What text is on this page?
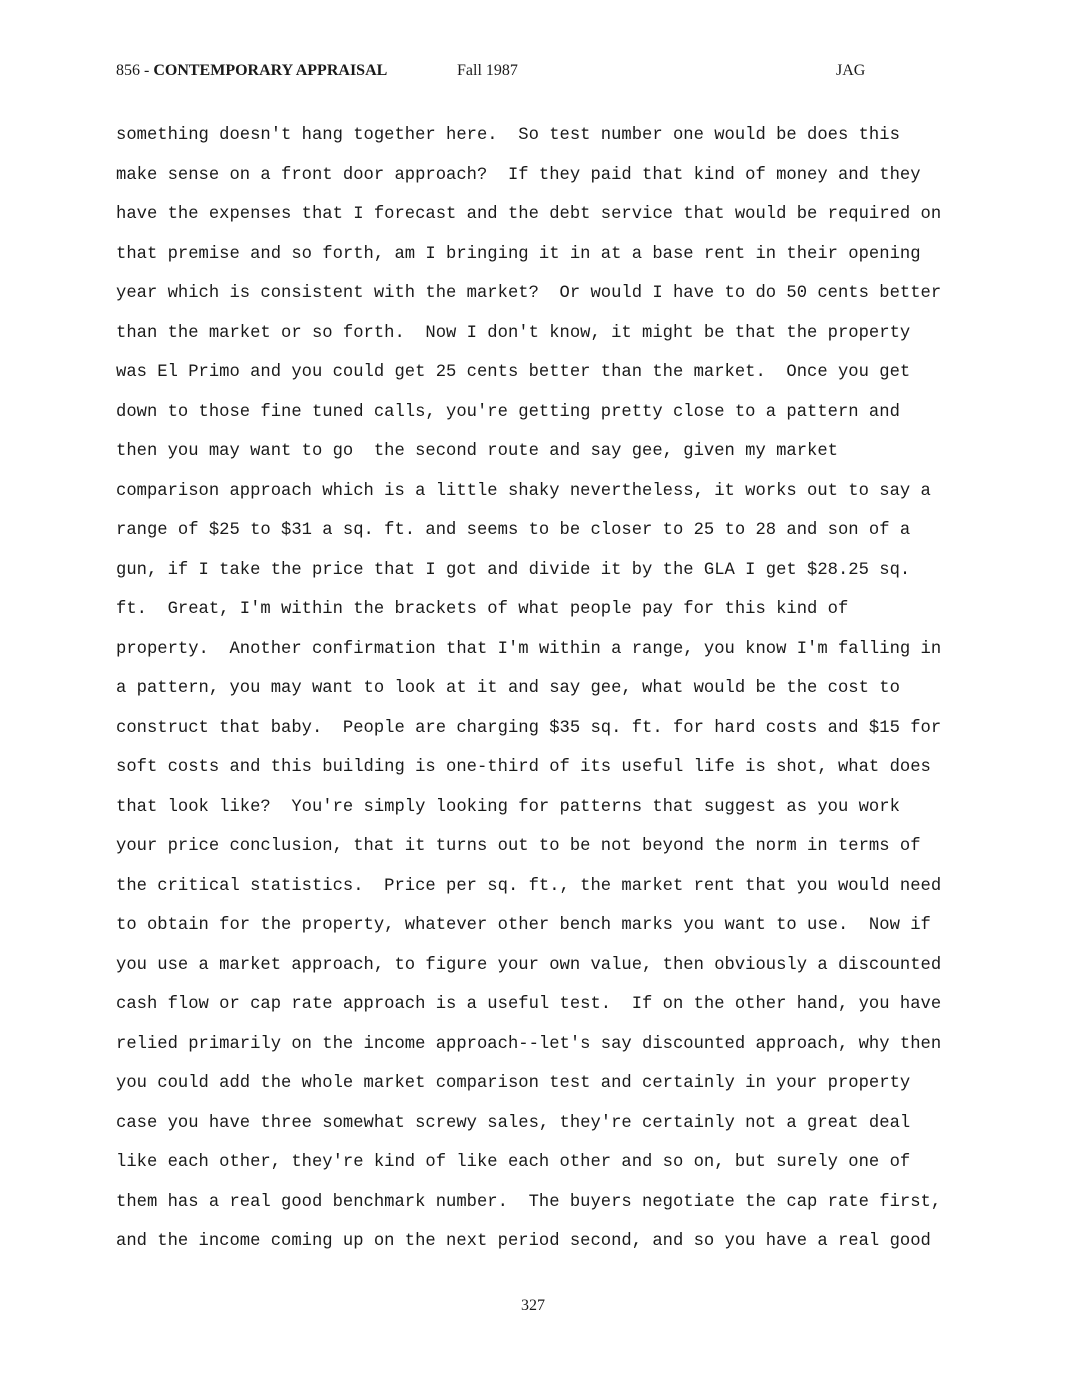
856 - CONTEMPORARY APPRAISAL	Fall 1987	JAG
something doesn't hang together here.  So test number one would be does this
make sense on a front door approach?  If they paid that kind of money and they
have the expenses that I forecast and the debt service that would be required on
that premise and so forth, am I bringing it in at a base rent in their opening
year which is consistent with the market?  Or would I have to do 50 cents better
than the market or so forth.  Now I don't know, it might be that the property
was El Primo and you could get 25 cents better than the market.  Once you get
down to those fine tuned calls, you're getting pretty close to a pattern and
then you may want to go  the second route and say gee, given my market
comparison approach which is a little shaky nevertheless, it works out to say a
range of $25 to $31 a sq. ft. and seems to be closer to 25 to 28 and son of a
gun, if I take the price that I got and divide it by the GLA I get $28.25 sq.
ft.  Great, I'm within the brackets of what people pay for this kind of
property.  Another confirmation that I'm within a range, you know I'm falling in
a pattern, you may want to look at it and say gee, what would be the cost to
construct that baby.  People are charging $35 sq. ft. for hard costs and $15 for
soft costs and this building is one-third of its useful life is shot, what does
that look like?  You're simply looking for patterns that suggest as you work
your price conclusion, that it turns out to be not beyond the norm in terms of
the critical statistics.  Price per sq. ft., the market rent that you would need
to obtain for the property, whatever other bench marks you want to use.  Now if
you use a market approach, to figure your own value, then obviously a discounted
cash flow or cap rate approach is a useful test.  If on the other hand, you have
relied primarily on the income approach--let's say discounted approach, why then
you could add the whole market comparison test and certainly in your property
case you have three somewhat screwy sales, they're certainly not a great deal
like each other, they're kind of like each other and so on, but surely one of
them has a real good benchmark number.  The buyers negotiate the cap rate first,
and the income coming up on the next period second, and so you have a real good
327
